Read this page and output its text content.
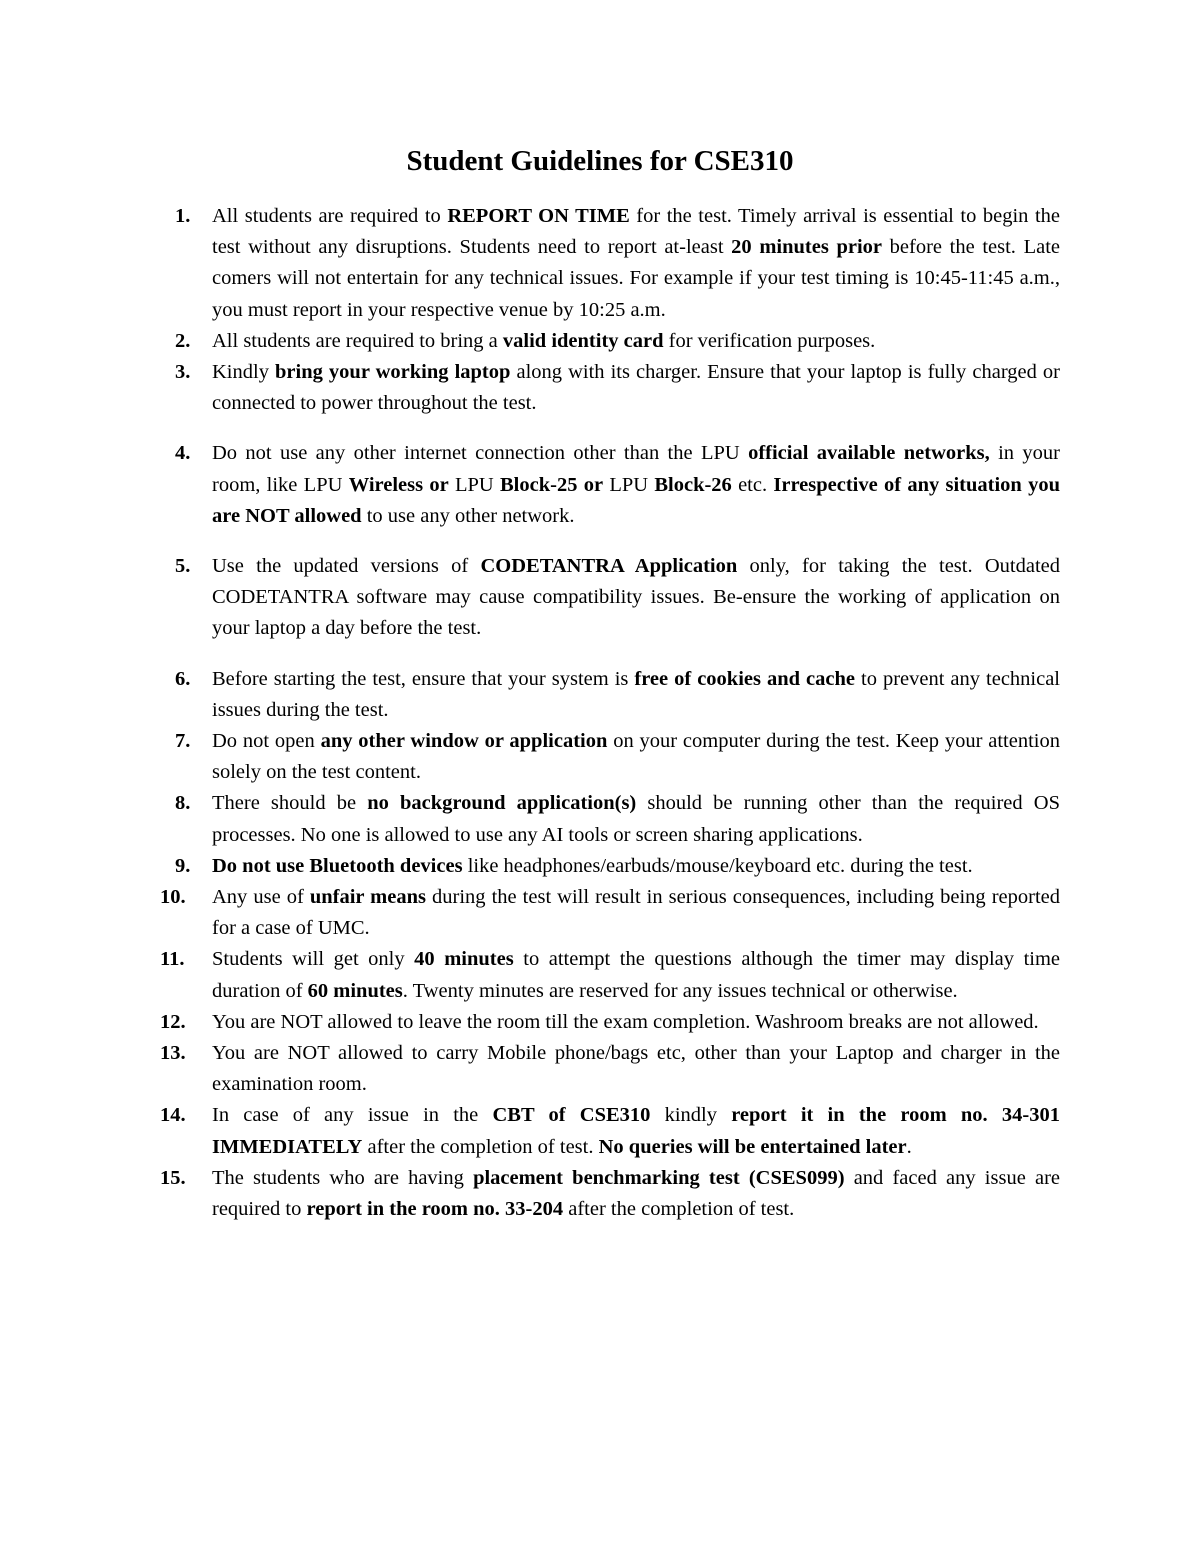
Student Guidelines for CSE310
1.	All students are required to REPORT ON TIME for the test. Timely arrival is essential to begin the test without any disruptions. Students need to report at-least 20 minutes prior before the test. Late comers will not entertain for any technical issues. For example if your test timing is 10:45-11:45 a.m., you must report in your respective venue by 10:25 a.m.
2.	All students are required to bring a valid identity card for verification purposes.
3.	Kindly bring your working laptop along with its charger. Ensure that your laptop is fully charged or connected to power throughout the test.
4.	Do not use any other internet connection other than the LPU official available networks, in your room, like LPU Wireless or LPU Block-25 or LPU Block-26 etc. Irrespective of any situation you are NOT allowed to use any other network.
5.	Use the updated versions of CODETANTRA Application only, for taking the test. Outdated CODETANTRA software may cause compatibility issues. Be-ensure the working of application on your laptop a day before the test.
6.	Before starting the test, ensure that your system is free of cookies and cache to prevent any technical issues during the test.
7.	Do not open any other window or application on your computer during the test. Keep your attention solely on the test content.
8.	There should be no background application(s) should be running other than the required OS processes. No one is allowed to use any AI tools or screen sharing applications.
9.	Do not use Bluetooth devices like headphones/earbuds/mouse/keyboard etc. during the test.
10.	Any use of unfair means during the test will result in serious consequences, including being reported for a case of UMC.
11.	Students will get only 40 minutes to attempt the questions although the timer may display time duration of 60 minutes. Twenty minutes are reserved for any issues technical or otherwise.
12.	You are NOT allowed to leave the room till the exam completion. Washroom breaks are not allowed.
13.	You are NOT allowed to carry Mobile phone/bags etc, other than your Laptop and charger in the examination room.
14.	In case of any issue in the CBT of CSE310 kindly report it in the room no. 34-301 IMMEDIATELY after the completion of test. No queries will be entertained later.
15.	The students who are having placement benchmarking test (CSES099) and faced any issue are required to report in the room no. 33-204 after the completion of test.
